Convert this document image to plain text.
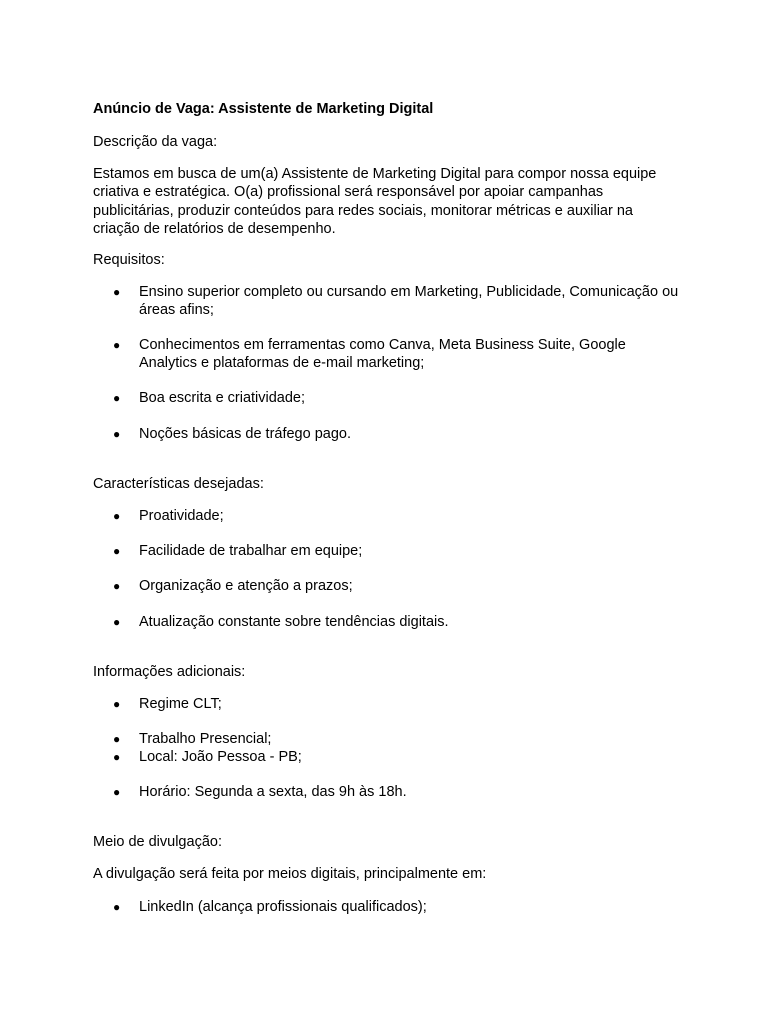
Anúncio de Vaga: Assistente de Marketing Digital

Descrição da vaga:

Estamos em busca de um(a) Assistente de Marketing Digital para compor nossa equipe criativa e estratégica. O(a) profissional será responsável por apoiar campanhas publicitárias, produzir conteúdos para redes sociais, monitorar métricas e auxiliar na criação de relatórios de desempenho.

Requisitos:

● Ensino superior completo ou cursando em Marketing, Publicidade, Comunicação ou áreas afins;
● Conhecimentos em ferramentas como Canva, Meta Business Suite, Google Analytics e plataformas de e-mail marketing;
● Boa escrita e criatividade;
● Noções básicas de tráfego pago.

Características desejadas:

● Proatividade;
● Facilidade de trabalhar em equipe;
● Organização e atenção a prazos;
● Atualização constante sobre tendências digitais.

Informações adicionais:

● Regime CLT;
● Trabalho Presencial;
● Local: João Pessoa - PB;
● Horário: Segunda a sexta, das 9h às 18h.

Meio de divulgação:

A divulgação será feita por meios digitais, principalmente em:

● LinkedIn (alcança profissionais qualificados);
